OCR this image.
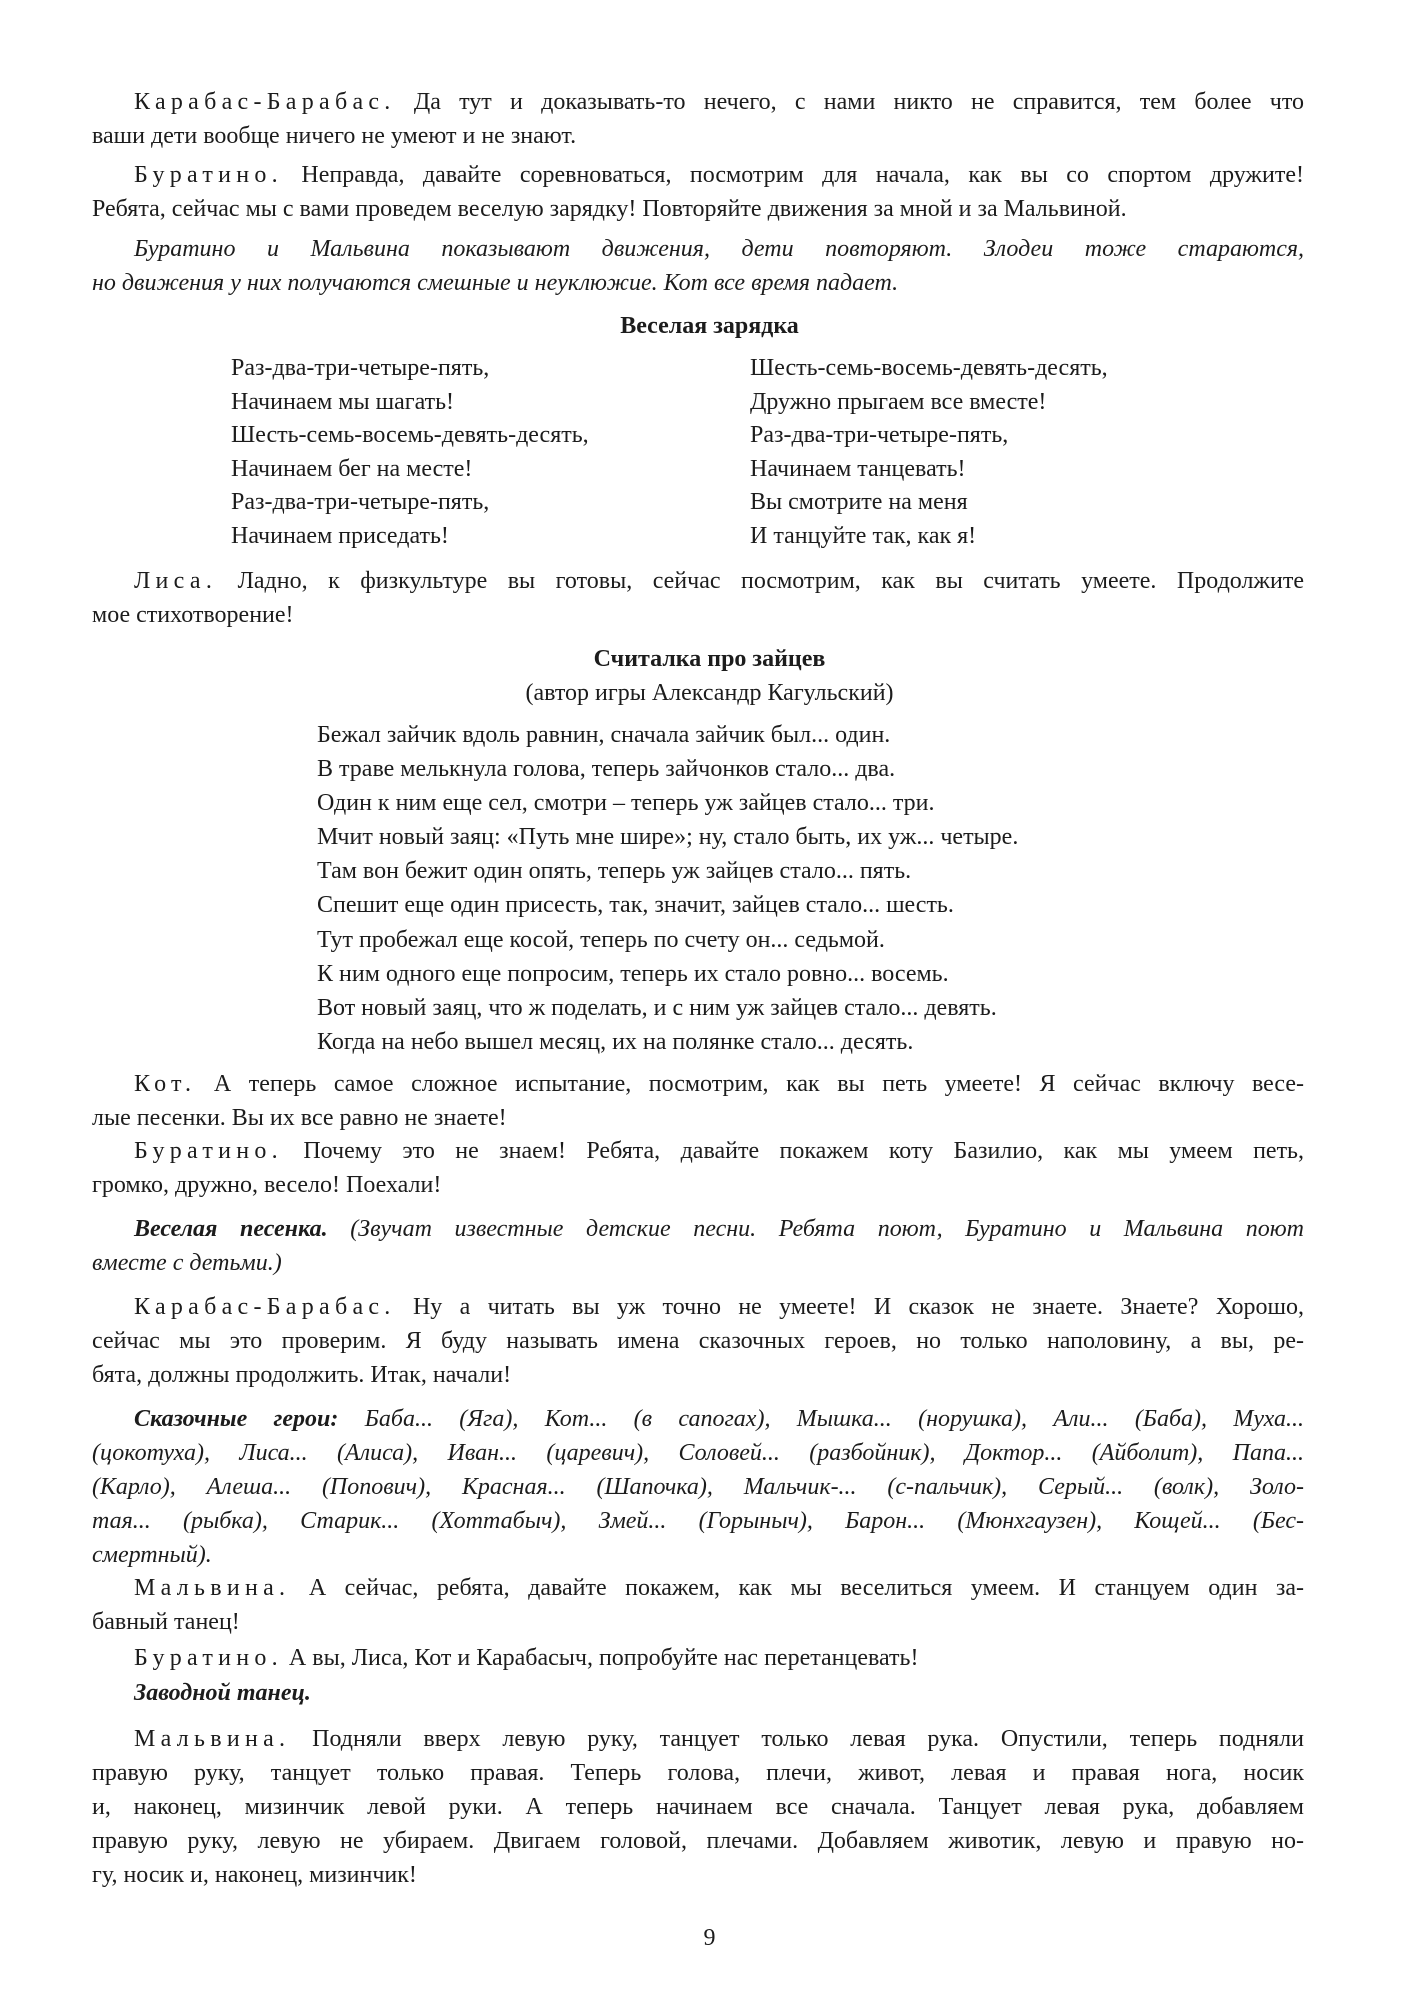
Карабас-Барабас. Да тут и доказывать-то нечего, с нами никто не справится, тем более что
ваши дети вообще ничего не умеют и не знают.
Буратино. Неправда, давайте соревноваться, посмотрим для начала, как вы со спортом дружите!
Ребята, сейчас мы с вами проведем веселую зарядку! Повторяйте движения за мной и за Мальвиной.
Буратино и Мальвина показывают движения, дети повторяют. Злодеи тоже стараются,
но движения у них получаются смешные и неуклюжие. Кот все время падает.
Лиса. Ладно, к физкультуре вы готовы, сейчас посмотрим, как вы считать умеете. Продолжите
мое стихотворение!
Кот. А теперь самое сложное испытание, посмотрим, как вы петь умеете! Я сейчас включу весе-
лые песенки. Вы их все равно не знаете!
Буратино. Почему это не знаем! Ребята, давайте покажем коту Базилио, как мы умеем петь,
громко, дружно, весело! Поехали!
Веселая песенка. (Звучат известные детские песни. Ребята поют, Буратино и Мальвина поют
вместе с детьми.)
Карабас-Барабас. Ну а читать вы уж точно не умеете! И сказок не знаете. Знаете? Хорошо,
сейчас мы это проверим. Я буду называть имена сказочных героев, но только наполовину, а вы, ре-
бята, должны продолжить. Итак, начали!
Сказочные герои: Баба... (Яга), Кот... (в сапогах), Мышка... (норушка), Али... (Баба), Муха...
(цокотуха), Лиса... (Алиса), Иван... (царевич), Соловей... (разбойник), Доктор... (Айболит), Папа...
(Карло), Алеша... (Попович), Красная... (Шапочка), Мальчик-... (с-пальчик), Серый... (волк), Золо-
тая... (рыбка), Старик... (Хоттабыч), Змей... (Горыныч), Барон... (Мюнхгаузен), Кощей... (Бес-
смертный).
Мальвина. А сейчас, ребята, давайте покажем, как мы веселиться умеем. И станцуем один за-
бавный танец!
Буратино. А вы, Лиса, Кот и Карабасыч, попробуйте нас перетанцевать!
Заводной танец.
Мальвина. Подняли вверх левую руку, танцует только левая рука. Опустили, теперь подняли
правую руку, танцует только правая. Теперь голова, плечи, живот, левая и правая нога, носик
и, наконец, мизинчик левой руки. А теперь начинаем все сначала. Танцует левая рука, добавляем
правую руку, левую не убираем. Двигаем головой, плечами. Добавляем животик, левую и правую но-
гу, носик и, наконец, мизинчик!
Веселая зарядка
Раз-два-три-четыре-пять,
Начинаем мы шагать!
Шесть-семь-восемь-девять-десять,
Начинаем бег на месте!
Раз-два-три-четыре-пять,
Начинаем приседать!
Шесть-семь-восемь-девять-десять,
Дружно прыгаем все вместе!
Раз-два-три-четыре-пять,
Начинаем танцевать!
Вы смотрите на меня
И танцуйте так, как я!
Считалка про зайцев
(автор игры Александр Кагульский)
Бежал зайчик вдоль равнин, сначала зайчик был... один.
В траве мелькнула голова, теперь зайчонков стало... два.
Один к ним еще сел, смотри – теперь уж зайцев стало... три.
Мчит новый заяц: «Путь мне шире»; ну, стало быть, их уж... четыре.
Там вон бежит один опять, теперь уж зайцев стало... пять.
Спешит еще один присесть, так, значит, зайцев стало... шесть.
Тут пробежал еще косой, теперь по счету он... седьмой.
К ним одного еще попросим, теперь их стало ровно... восемь.
Вот новый заяц, что ж поделать, и с ним уж зайцев стало... девять.
Когда на небо вышел месяц, их на полянке стало... десять.
9
